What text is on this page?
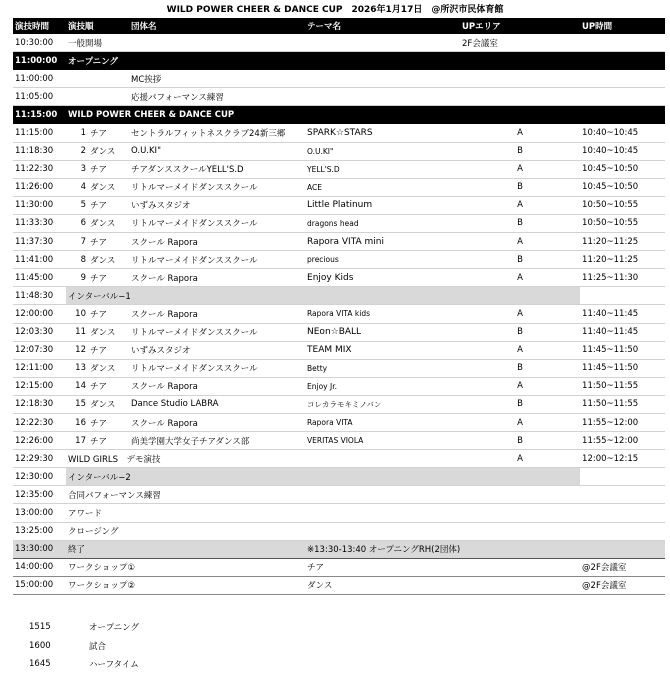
WILD POWER CHEER & DANCE CUP　2026年1月17日　@所沢市民体育館
演技時間	演技順		団体名	テーマ名	UPエリア	UP時間
10:30:00	一般開場				2F会議室	
11:00:00	オープニング					
11:00:00			MC挨拶			
11:05:00			応援パフォーマンス練習			
11:15:00	WILD POWER CHEER & DANCE CUP					
11:15:00	1	チア	セントラルフィットネスクラブ24新三郷	SPARK☆STARS	A	10:40~10:45
11:18:30	2	ダンス	O.U.KI"	O.U.KI"	B	10:40~10:45
11:22:30	3	チア	チアダンススクールYELL'S.D	YELL'S.D	A	10:45~10:50
11:26:00	4	ダンス	リトルマーメイドダンススクール	ACE	B	10:45~10:50
11:30:00	5	チア	いずみスタジオ	Little Platinum	A	10:50~10:55
11:33:30	6	ダンス	リトルマーメイドダンススクール	dragons head	B	10:50~10:55
11:37:30	7	チア	スクール Rapora	Rapora VITA mini	A	11:20~11:25
11:41:00	8	ダンス	リトルマーメイドダンススクール	precious	B	11:20~11:25
11:45:00	9	チア	スクール Rapora	Enjoy Kids	A	11:25~11:30
11:48:30	インターバル−1					
12:00:00	10	チア	スクール Rapora	Rapora VITA kids	A	11:40~11:45
12:03:30	11	ダンス	リトルマーメイドダンススクール	NEon☆BALL	B	11:40~11:45
12:07:30	12	チア	いずみスタジオ	TEAM MIX	A	11:45~11:50
12:11:00	13	ダンス	リトルマーメイドダンススクール	Betty	B	11:45~11:50
12:15:00	14	チア	スクール Rapora	Enjoy Jr.	A	11:50~11:55
12:18:30	15	ダンス	Dance Studio LABRA	コレカラモキミノバン	B	11:50~11:55
12:22:30	16	チア	スクール Rapora	Rapora VITA	A	11:55~12:00
12:26:00	17	チア	尚美学園大学女子チアダンス部	VERITAS VIOLA	B	11:55~12:00
12:29:30	WILD GIRLS　デモ演技				A	12:00~12:15
12:30:00	インターバル−2					
12:35:00	合同パフォーマンス練習					
13:00:00	アワード					
13:25:00	クロージング					
13:30:00	終了			※13:30-13:40 オープニングRH(2団体)		
14:00:00	ワークショップ①			チア		@2F会議室
15:00:00	ワークショップ②			ダンス		@2F会議室
1515	オープニング
1600	試合
1645	ハーフタイム
